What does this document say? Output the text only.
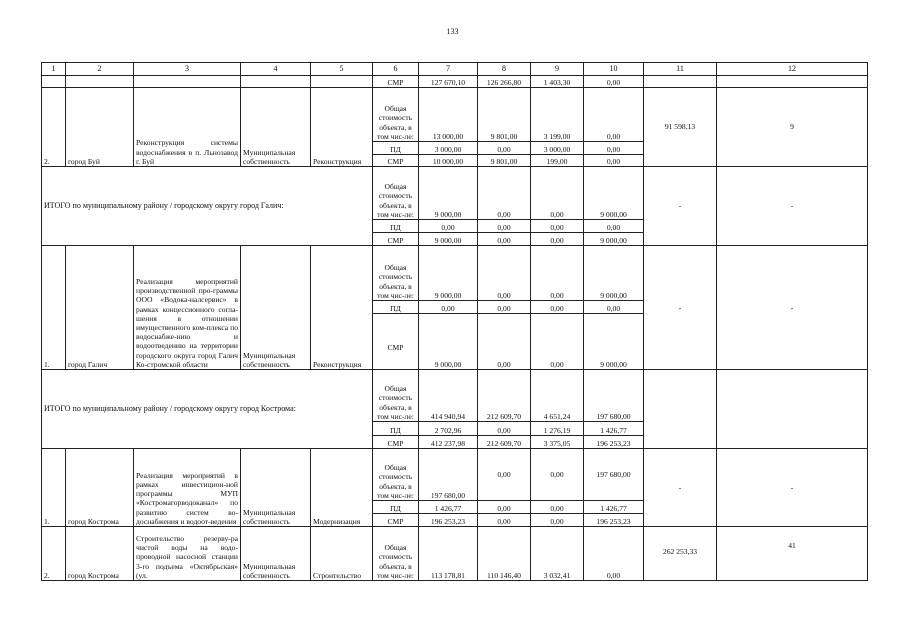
133
1	2	3	4	5	6	7	8	9	10	11	12
					СМР	127 670,10	126 266,80	1 403,30	0,00		
2.	город Буй	Реконструкция системы водоснабжения в п. Льнозавод г. Буй	Муниципальная собственность	Реконструкция	Общая стоимость объекта, в том чис-ле:	13 000,00	9 801,00	3 199,00	0,00	91 598,13	9
					ПД	3 000,00	0,00	3 000,00	0,00		
					СМР	10 000,00	9 801,00	199,00	0,00		
ИТОГО по муниципальному району / городскому округу город Галич:					Общая стоимость объекта, в том чис-ле:	9 000,00	0,00	0,00	9 000,00	-	-
					ПД	0,00	0,00	0,00	0,00		
					СМР	9 000,00	0,00	0,00	9 000,00		
1.	город Галич	Реализация мероприятий производственной про-граммы ООО «Водока-налсервис» в рамках концессионного согла-шения в отношении имущественного ком-плекса по водоснабже-нию и водоотведению на территории городского округа город Галич Ко-стромской области	Муниципальная собственность	Реконструкция	Общая стоимость объекта, в том чис-ле:	9 000,00	0,00	0,00	9 000,00	-	-
					ПД	0,00	0,00	0,00	0,00		

					СМР	9 000,00	0,00	0,00	9 000,00		
ИТОГО по муниципальному району / городскому округу город Кострома:					Общая стоимость объекта, в том чис-ле:	414 940,94	212 609,70	4 651,24	197 680,00		
					ПД	2 702,96	0,00	1 276,19	1 426,77		
					СМР	412 237,98	212 609,70	3 375,05	196 253,23		
1.	город Кострома	Реализация мероприятий в рамках инвестицион-ной программы МУП «Костромагорводоканал» по развитию систем во-доснабжения и водоот-ведения	Муниципальная собственность	Модернизация	Общая стоимость объекта, в том чис-ле:	197 680,00	0,00	0,00	197 680,00	-	-
					ПД	1 426,77	0,00	0,00	1 426,77		
					СМР	196 253,23	0,00	0,00	196 253,23		
2.	город Кострома	Строительство резерву-ра чистой воды на водо-проводной насосной станции 3-го подъема «Октябрьская» (ул.	Муниципальная собственность	Строительство	Общая стоимость объекта, в том чис-ле:	113 178,81	110 146,40	3 032,41	0,00	262 253,33	41
